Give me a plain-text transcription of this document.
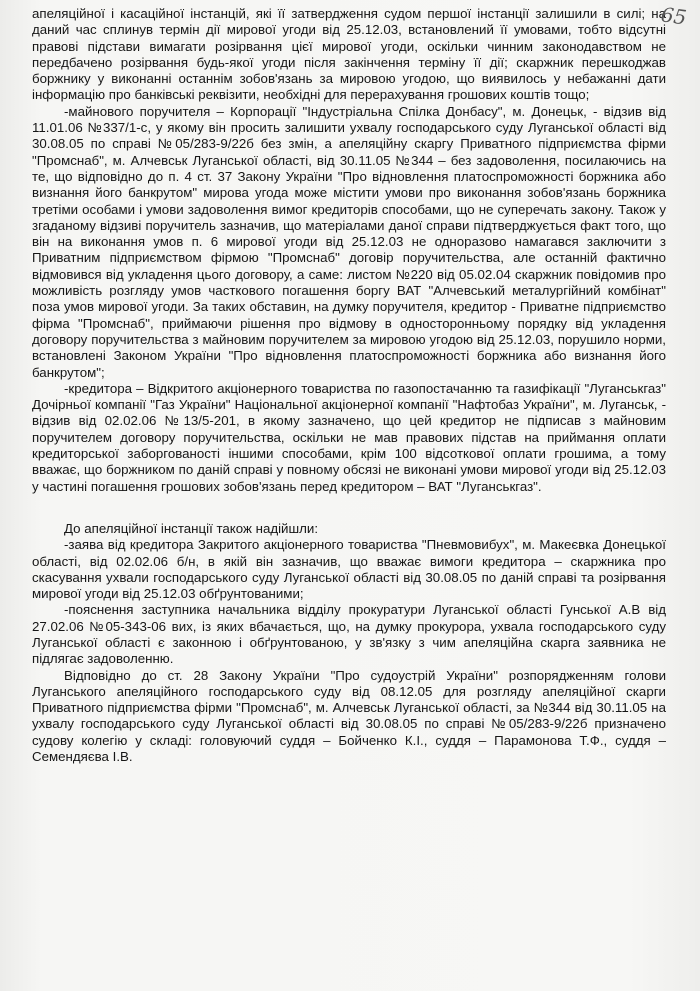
65

апеляційної і касаційної інстанцій, які її затвердження судом першої інстанції залишили в силі; на даний час сплинув термін дії мирової угоди від 25.12.03, встановлений її умовами, тобто відсутні правові підстави вимагати розірвання цієї мирової угоди, оскільки чинним законодавством не передбачено розірвання будь-якої угоди після закінчення терміну її дії; скаржник перешкоджав боржнику у виконанні останнім зобов'язань за мировою угодою, що виявилось у небажанні дати інформацію про банківські реквізити, необхідні для перерахування грошових коштів тощо;

-майнового поручителя – Корпорації "Індустріальна Спілка Донбасу", м. Донецьк, - відзив від 11.01.06 №337/1-с, у якому він просить залишити ухвалу господарського суду Луганської області від 30.08.05 по справі №05/283-9/22б без змін, а апеляційну скаргу Приватного підприємства фірми "Промснаб", м. Алчевськ Луганської області, від 30.11.05 №344 – без задоволення, посилаючись на те, що відповідно до п. 4 ст. 37 Закону України "Про відновлення платоспроможності боржника або визнання його банкрутом" мирова угода може містити умови про виконання зобов'язань боржника третіми особами і умови задоволення вимог кредиторів способами, що не суперечать закону. Також у згаданому відзиві поручитель зазначив, що матеріалами даної справи підтверджується факт того, що він на виконання умов п. 6 мирової угоди від 25.12.03 не одноразово намагався заключити з Приватним підприємством фірмою "Промснаб" договір поручительства, але останній фактично відмовився від укладення цього договору, а саме: листом №220 від 05.02.04 скаржник повідомив про можливість розгляду умов часткового погашення боргу ВАТ "Алчевський металургійний комбінат" поза умов мирової угоди. За таких обставин, на думку поручителя, кредитор - Приватне підприємство фірма "Промснаб", приймаючи рішення про відмову в односторонньому порядку від укладення договору поручительства з майновим поручителем за мировою угодою від 25.12.03, порушило норми, встановлені Законом України "Про відновлення платоспроможності боржника або визнання його банкрутом";

-кредитора – Відкритого акціонерного товариства по газопостачанню та газифікації "Луганськгаз" Дочірньої компанії "Газ України" Національної акціонерної компанії "Нафтобаз України", м. Луганськ, - відзив від 02.02.06 №13/5-201, в якому зазначено, що цей кредитор не підписав з майновим поручителем договору поручительства, оскільки не мав правових підстав на приймання оплати кредиторської заборгованості іншими способами, крім 100 відсоткової оплати грошима, а тому вважає, що боржником по даній справі у повному обсязі не виконані умови мирової угоди від 25.12.03 у частині погашення грошових зобов'язань перед кредитором – ВАТ "Луганськгаз".

До апеляційної інстанції також надійшли:

-заява від кредитора Закритого акціонерного товариства "Пневмовибух", м. Макеєвка Донецької області, від 02.02.06 б/н, в якій він зазначив, що вважає вимоги кредитора – скаржника про скасування ухвали господарського суду Луганської області від 30.08.05 по даній справі та розірвання мирової угоди від 25.12.03 обґрунтованими;

-пояснення заступника начальника відділу прокуратури Луганської області Гунської А.В від 27.02.06 №05-343-06 вих, із яких вбачається, що, на думку прокурора, ухвала господарського суду Луганської області є законною і обґрунтованою, у зв'язку з чим апеляційна скарга заявника не підлягає задоволенню.

Відповідно до ст. 28 Закону України "Про судоустрій України" розпорядженням голови Луганського апеляційного господарського суду від 08.12.05 для розгляду апеляційної скарги Приватного підприємства фірми "Промснаб", м. Алчевськ Луганської області, за №344 від 30.11.05 на ухвалу господарського суду Луганської області від 30.08.05 по справі №05/283-9/22б призначено судову колегію у складі: головуючий суддя – Бойченко К.І., суддя – Парамонова Т.Ф., суддя – Семендяєва І.В.
